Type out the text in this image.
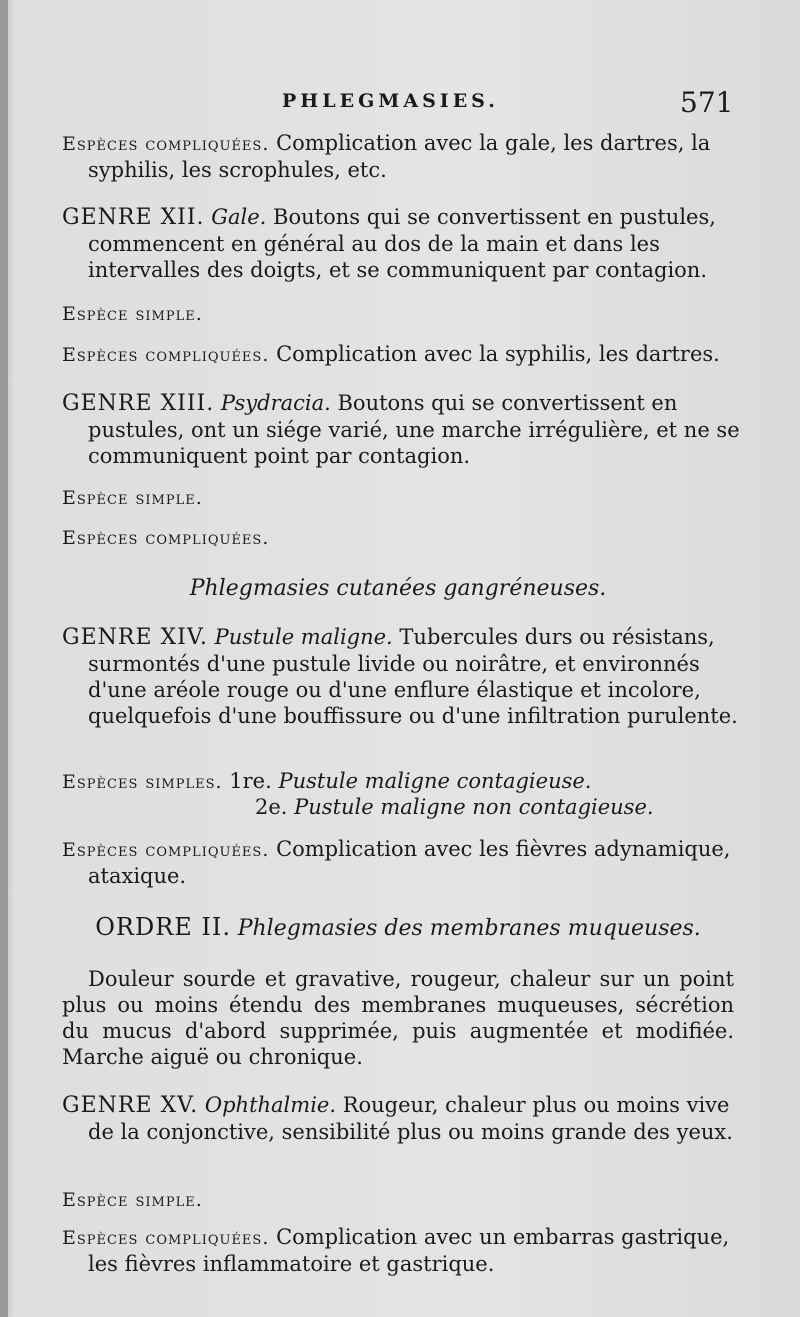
PHLEGMASIES.	571
Espèces compliquées. Complication avec la gale, les dartres, la syphilis, les scrophules, etc.
GENRE XII. Gale. Boutons qui se convertissent en pustules, commencent en général au dos de la main et dans les intervalles des doigts, et se communiquent par contagion.
Espèce simple.
Espèces compliquées. Complication avec la syphilis, les dartres.
GENRE XIII. Psydracia. Boutons qui se convertissent en pustules, ont un siége varié, une marche irrégulière, et ne se communiquent point par contagion.
Espèce simple.
Espèces compliquées.
Phlegmasies cutanées gangréneuses.
GENRE XIV. Pustule maligne. Tubercules durs ou résistans, surmontés d'une pustule livide ou noirâtre, et environnés d'une aréole rouge ou d'une enflure élastique et incolore, quelquefois d'une bouffissure ou d'une infiltration purulente.
Espèces simples. 1re. Pustule maligne contagieuse.
2e. Pustule maligne non contagieuse.
Espèces compliquées. Complication avec les fièvres adynamique, ataxique.
ORDRE II. Phlegmasies des membranes muqueuses.
Douleur sourde et gravative, rougeur, chaleur sur un point plus ou moins étendu des membranes muqueuses, sécrétion du mucus d'abord supprimée, puis augmentée et modifiée. Marche aiguë ou chronique.
GENRE XV. Ophthalmie. Rougeur, chaleur plus ou moins vive de la conjonctive, sensibilité plus ou moins grande des yeux.
Espèce simple.
Espèces compliquées. Complication avec un embarras gastrique, les fièvres inflammatoire et gastrique.
